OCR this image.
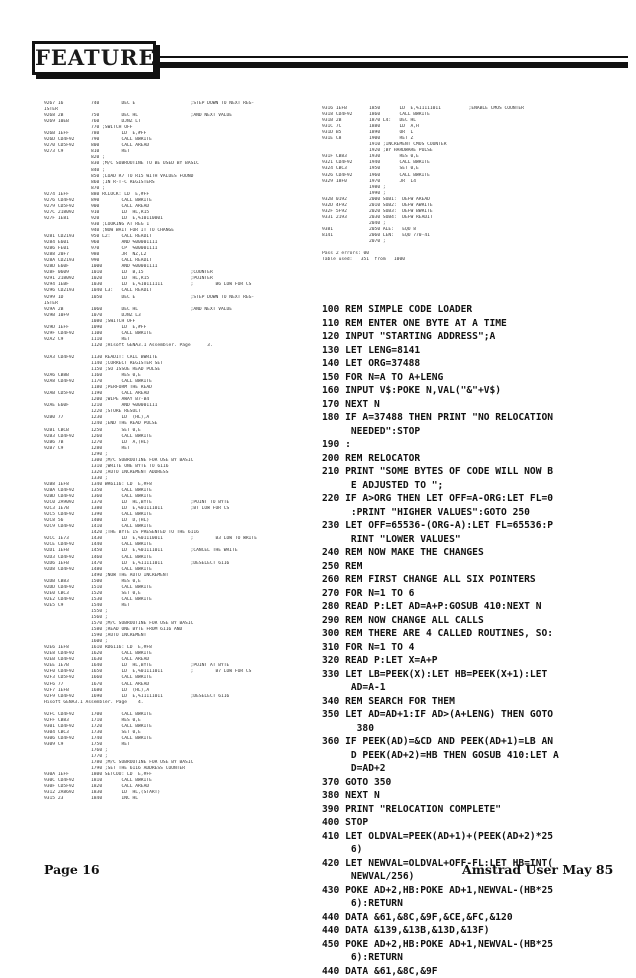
FEATURE
9267 16          740        DEC E                    ;STEP DOWN TO NEXT REG-
ISTER
9268 2B          750        DEC HL                   ;AND NEXT VALUE
9269 10EB        760        DJNZ LT
770 ;SWITCH OFF
926B 1EFF        780        LD  E,#FF
926D CD4F92      790        CALL BWRITE
9270 CD5F92      800        CALL AREAD
9273 C9          810        RET
820 ;
830 ;M/C SUBROUTINE TO BE USED BY BASIC
840 ;
850 ;LOAD R7 TO R15 WITH VALUES FOUND
860 ;IN R-T-C REGISTERS
870 ;
9274 1EFF        880 RCLOCK: LD  E,#FF
9276 CD4F92      890        CALL BWRITE
9279 CD5F92      900        CALL AREAD
927C 218092      910        LD  HL,R15
927F 1E81        920        LD  E,%10110001
930 ;LOOKING AT REG 1
940 ;NOW WAIT FOR IT TO CHANGE
9281 CD2193      950 L2:    CALL READIT
9284 E601        960        AND %00001111
9286 FE01        970        CP  %00001111
9288 20F7        980        JR  NZ,L2
928A CD2193      990        CALL READIT
928D E60F        1000       AND %00001111
928F 0609        1010       LD  B,15                 ;COUNTER
9291 218092      1020       LD  HL,R15               ;POINTER
9294 1EBF        1030       LD  E,%10111111          ;        B6 LOW FOR CS
9296 CD2193      1040 L3:   CALL READIT
9299 1D          1050       DEC E                    ;STEP DOWN TO NEXT REG-
ISTER
929A 2B          1060       DEC HL                   ;AND NEXT VALUE
929B 10F9        1070       DJNZ L3
1080 ;SWITCH OFF
929D 1EFF        1090       LD  E,#FF
929F CD4F92      1100       CALL BWRITE
92A2 C9          1110       RET
1120 ;Hisoft GENA3.1 Assembler. Page      3.
92A3 CD4F92      1130 READIT: CALL BWRITE
1140 ;CORRECT REGISTER SET
1150 ;SO ISSUE READ PULSE
92A6 CB8B        1160       RES 0,E
92A8 CD4F92      1170       CALL BWRITE
1180 ;PERFORM THE READ
92AB CD5F92      1190       CALL AREAD
1200 ;WIPE AWAY B7-B4
92AE E60F        1210       AND %00001111
1220 ;STORE RESULT
92B0 77          1230       LD  (HL),A
1240 ;END THE READ PULSE
92B1 CBCB        1250       SET 0,E
92B3 CD4F92      1260       CALL BWRITE
92B6 7B          1270       LD  A,(HL)
92B7 C9          1280       RET
1290 ;
1300 ;M/C SUBROUTINE FOR USE BY BASIC
1310 ;WRITE ONE BYTE TO 6116
1320 ;AUTO INCREMENT ADDRESS
1330 ;
92B8 1EF8        1340 WR6116: LD  E,#F8
92BA CD4F92      1350       CALL BWRITE
92BD CD4F92      1360       CALL BWRITE
92C0 2A9092      1370       LD  HL,BYTE              ;POINT TO BYTE
92C3 1E7B        1380       LD  E,%01111011          ;BT LOW FOR CS
92C5 CD4F92      1390       CALL BWRITE
92C8 56          1400       LD  D,(HL)
92C9 CD4F92      1410       CALL BWRITE
1420 ;THE BYTE IS PRESENTED TO THE 6116
92CC 1E73        1430       LD  E,%01110011          ;        B3 LOW TO WRITE
92CE CD4F92      1440       CALL BWRITE
92D1 1EFB        1450       LD  E,%01111011          ;CANCEL THE WRITE
92D3 CD4F92      1460       CALL BWRITE
92D6 1EFB        1470       LD  E,%11111011          ;DESELECT 6116
92D8 CD4F92      1480       CALL BWRITE
1490 ;NOW THE AUTO INCREMENT
92DB CB83        1500       RES 0,E
92DD CD4F92      1510       CALL BWRITE
92E0 CBC3        1520       SET 0,E
92E2 CD4F92      1530       CALL BWRITE
92E5 C9          1540       RET
1550 ;
1560 ;
1570 ;M/C SUBROUTINE FOR USE BY BASIC
1580 ;READ ONE BYTE FROM 6116 AND
1590 ;AUTO INCREMENT
1600 ;
92E6 1EF8        1610 RD6116: LD  E,#F8
92E8 CD4F92      1620       CALL BWRITE
92EB CD4F92      1630       CALL AREAD
92EE 1E7B        1640       LD  HL,BYTE              ;POINT AT BYTE
92F0 CD4F92      1650       LD  E,%01111011          ;        B7 LOW FOR CS
92F3 CD5F92      1660       CALL BWRITE
92F6 77          1670       CALL AREAD
92F7 1EFB        1680       LD  (HL),A
92F9 CD4F92      1690       LD  E,%11111011          ;DESELECT 6116
Hisoft GENA3.1 Assembler. Page    4.
92FC CD4F92      1700       CALL BWRITE
92FF CB83        1710       RES 0,E
9301 CD4F92      1720       CALL BWRITE
9304 CBC3        1730       SET 0,E
9306 CD4F92      1740       CALL BWRITE
9309 C9          1750       RET
1760 ;
1770 ;
1780 ;M/C SUBROUTINE FOR USE BY BASIC
1790 ;SET THE 6116 ADDRESS COUNTER
930A 1EFF        1800 SETCOU: LD  E,#FF
930C CD4F92      1810       CALL BWRITE
930F CD5F92      1820       CALL AREAD
9312 2A8692      1830       LD  HL,(START)
9315 23          1840       INC HL
9316 1EFB        1850       LD  E,%11111011          ;ENABLE CMOS COUNTER
9318 CD4F92      1860       CALL BWRITE
931B 2B          1870 L4:   DEC HL
931C 7C          1880       LD  A,H
931D B5          1890       OR  L
931E C8          1900       RET Z
1910 ;INCREMENT CMOS COUNTER
1920 ;BY HARDWARE PULSE
931F CB83        1930       RES 0,E
9321 CD4F92      1940       CALL BWRITE
9324 CBC3        1950       SET 0,E
9326 CD4F92      1960       CALL BWRITE
9329 18F0        1970       JR  L4
1980 ;
1990 ;
932B 0192        2000 SUB1:  DEFW AREAD
932D 4F92        2010 SUB2:  DEFW AWRITE
932F 5F92        2020 SUB3:  DEFW BWRITE
9331 2193        2030 SUB4:  DEFW READIT
2040 ;
9381             2050 ALE:   EQU 8
8141             2060 LEN:   EQU 770-41
2070 ;
Pass 2 errors: 00
Table used:   351  from   1000
100 REM SIMPLE CODE LOADER
110 REM ENTER ONE BYTE AT A TIME
120 INPUT "STARTING ADDRESS";A
130 LET LENG=8141
140 LET ORG=37488
150 FOR N=A TO A+LENG
160 INPUT V$:POKE N,VAL("&"+V$)
170 NEXT N
180 IF A=37488 THEN PRINT "NO RELOCATION
NEEDED":STOP
190 :
200 REM RELOCATOR
210 PRINT "SOME BYTES OF CODE WILL NOW B
E ADJUSTED TO ";
220 IF A>ORG THEN LET OFF=A-ORG:LET FL=0
:PRINT "HIGHER VALUES":GOTO 250
230 LET OFF=65536-(ORG-A):LET FL=65536:P
RINT "LOWER VALUES"
240 REM NOW MAKE THE CHANGES
250 REM
260 REM FIRST CHANGE ALL SIX POINTERS
270 FOR N=1 TO 6
280 READ P:LET AD=A+P:GOSUB 410:NEXT N
290 REM NOW CHANGE ALL CALLS
300 REM THERE ARE 4 CALLED ROUTINES, SO:
310 FOR N=1 TO 4
320 READ P:LET X=A+P
330 LET LB=PEEK(X):LET HB=PEEK(X+1):LET
AD=A-1
340 REM SEARCH FOR THEM
350 LET AD=AD+1:IF AD>(A+LENG) THEN GOTO
380
360 IF PEEK(AD)=&CD AND PEEK(AD+1)=LB AN
D PEEK(AD+2)=HB THEN GOSUB 410:LET A
D=AD+2
370 GOTO 350
380 NEXT N
390 PRINT "RELOCATION COMPLETE"
400 STOP
410 LET OLDVAL=PEEK(AD+1)+(PEEK(AD+2)*25
6)
420 LET NEWVAL=OLDVAL+OFF-FL:LET HB=INT(
NEWVAL/256)
430 POKE AD+2,HB:POKE AD+1,NEWVAL-(HB*25
6):RETURN
440 DATA &61,&8C,&9F,&CE,&FC,&120
440 DATA &139,&13B,&13D,&13F)
450 POKE AD+2,HB:POKE AD+1,NEWVAL-(HB*25
6):RETURN
440 DATA &61,&8C,&9F
Page 16	Amstrad User May 85
